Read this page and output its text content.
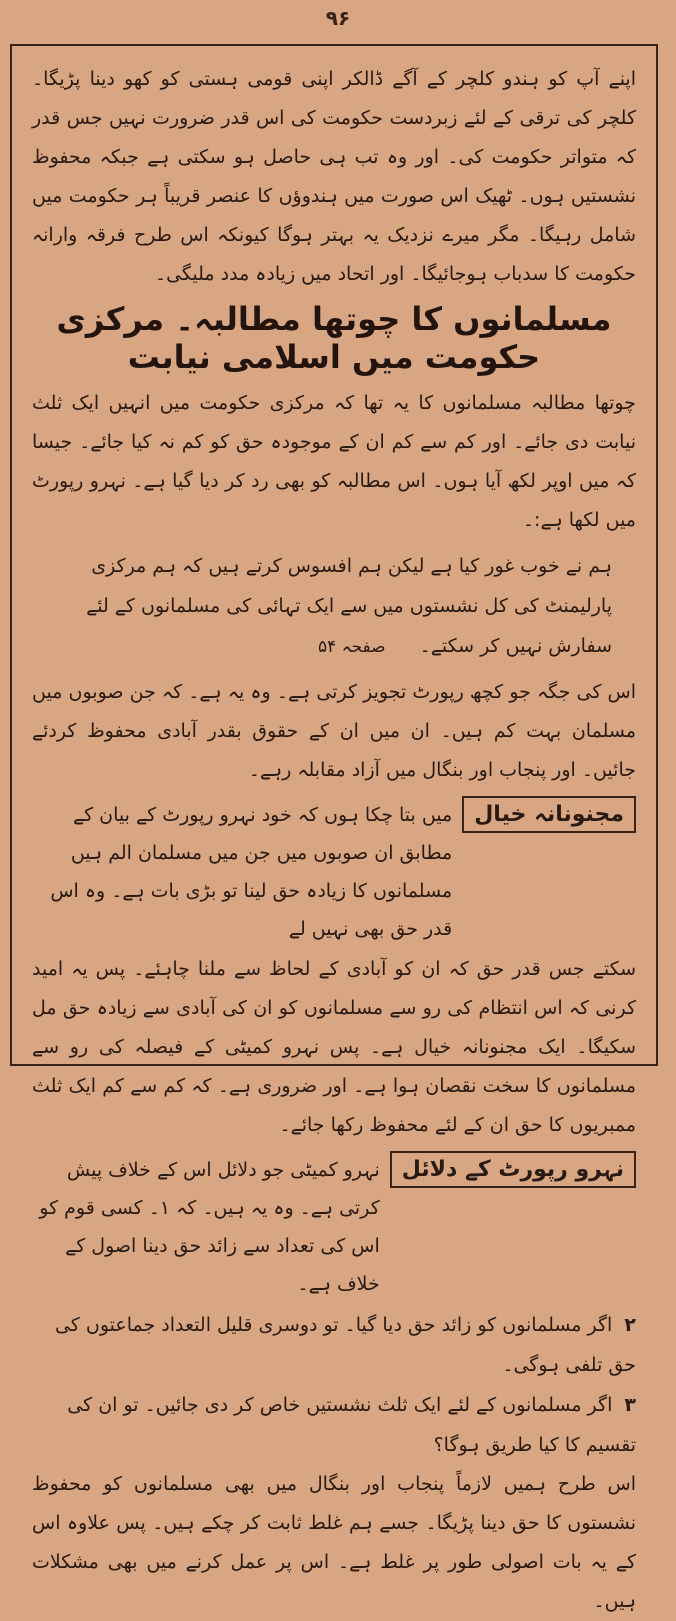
۹۶

اپنے آپ کو ہندو کلچر کے آگے ڈالکر اپنی قومی ہستی کو کھو دینا پڑیگا۔ کلچر کی ترقی کے لئے زبردست حکومت کی اس قدر ضرورت نہیں جس قدر کہ متواتر حکومت کی۔ اور وہ تب ہی حاصل ہو سکتی ہے جبکہ محفوظ نشستیں ہوں۔ ٹھیک اس صورت میں ہندوؤں کا عنصر قریباً ہر حکومت میں شامل رہیگا۔ مگر میرے نزدیک یہ بہتر ہوگا کیونکہ اس طرح فرقہ وارانہ حکومت کا سدباب ہوجائیگا۔ اور اتحاد میں زیادہ مدد ملیگی۔

مسلمانوں کا چوتھا مطالبہ۔ مرکزی حکومت میں اسلامی نیابت

چوتھا مطالبہ مسلمانوں کا یہ تھا کہ مرکزی حکومت میں انہیں ایک ثلث نیابت دی جائے۔ اور کم سے کم ان کے موجودہ حق کو کم نہ کیا جائے۔ جیسا کہ میں اوپر لکھ آیا ہوں۔ اس مطالبہ کو بھی رد کر دیا گیا ہے۔ نہرو رپورٹ میں لکھا ہے:۔

ہم نے خوب غور کیا ہے لیکن ہم افسوس کرتے ہیں کہ ہم مرکزی پارلیمنٹ کی کل نشستوں میں سے ایک تہائی کی مسلمانوں کے لئے سفارش نہیں کر سکتے۔ صفحہ ۵۴

اس کی جگہ جو کچھ رپورٹ تجویز کرتی ہے۔ وہ یہ ہے۔ کہ جن صوبوں میں مسلمان بہت کم ہیں۔ ان میں ان کے حقوق بقدر آبادی محفوظ کردئے جائیں۔ اور پنجاب اور بنگال میں آزاد مقابلہ رہے۔

مجنونانہ خیال

میں بتا چکا ہوں کہ خود نہرو رپورٹ کے بیان کے مطابق ان صوبوں میں جن میں مسلمان الم ہیں مسلمانوں کا زیادہ حق لینا تو بڑی بات ہے۔ وہ اس قدر حق بھی نہیں لے

سکتے جس قدر حق کہ ان کو آبادی کے لحاظ سے ملنا چاہئے۔ پس یہ امید کرنی کہ اس انتظام کی رو سے مسلمانوں کو ان کی آبادی سے زیادہ حق مل سکیگا۔ ایک مجنونانہ خیال ہے۔ پس نہرو کمیٹی کے فیصلہ کی رو سے مسلمانوں کا سخت نقصان ہوا ہے۔ اور ضروری ہے۔ کہ کم سے کم ایک ثلث ممبریوں کا حق ان کے لئے محفوظ رکھا جائے۔

نہرو رپورٹ کے دلائل

نہرو کمیٹی جو دلائل اس کے خلاف پیش کرتی ہے۔ وہ یہ ہیں۔ کہ ۱۔ کسی قوم کو اس کی تعداد سے زائد حق دینا اصول کے خلاف ہے۔

۲ اگر مسلمانوں کو زائد حق دیا گیا۔ تو دوسری قلیل التعداد جماعتوں کی حق تلفی ہوگی۔
۳ اگر مسلمانوں کے لئے ایک ثلث نشستیں خاص کر دی جائیں۔ تو ان کی تقسیم کا کیا طریق ہوگا؟

اس طرح ہمیں لازماً پنجاب اور بنگال میں بھی مسلمانوں کو محفوظ نشستوں کا حق دینا پڑیگا۔ جسے ہم غلط ثابت کر چکے ہیں۔ پس علاوہ اس کے یہ بات اصولی طور پر غلط ہے۔ اس پر عمل کرنے میں بھی مشکلات ہیں۔
